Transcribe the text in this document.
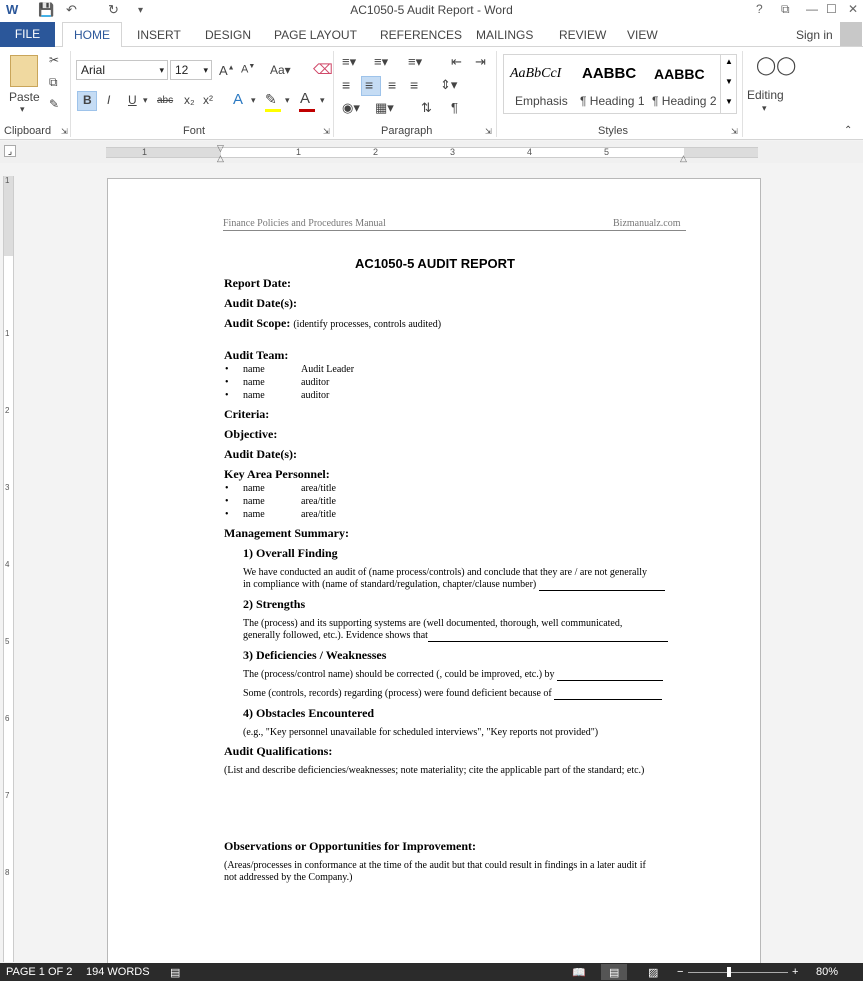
W 💾 ↶ ↻ ▾	AC1050-5 Audit Report - Word	? ⧉ — ☐ ✕
FILE	HOME	INSERT DESIGN PAGE LAYOUT REFERENCES MAILINGS REVIEW VIEW	Sign in
Paste
▾
✂
⧉
✎
Clipboard ⇲
Arial	▾ 12 ▾ A▲ A▼ Aa▾ ⌫
B I U ▾ abc x₂ x² A ▾ ✎ ▾ A ▾
Font	⇲
≡▾ ≡▾ ≡▾ ⇤ ⇥
≡ ≡ ≡ ≡ ⇕▾
◉▾ ▦▾ ⇅ ¶
Paragraph	⇲
AaBbCcI
Emphasis
AABBC
¶ Heading 1
AABBC
¶ Heading 2
▲
▼
▼
Styles	⇲
◯◯
Editing
▾
⌃
⌟	1	1	2	3	4	5
▽
△	△
1
1
2
3
4
5
6
7
8
Finance Policies and Procedures Manual	Bizmanualz.com
AC1050-5 AUDIT REPORT
Report Date:
Audit Date(s):
Audit Scope: (identify processes, controls audited)
Audit Team:
• name	Audit Leader
• name	auditor
• name	auditor
Criteria:
Objective:
Audit Date(s):
Key Area Personnel:
• name	area/title
• name	area/title
• name	area/title
Management Summary:
1) Overall Finding
We have conducted an audit of (name process/controls) and conclude that they are / are not generally
in compliance with (name of standard/regulation, chapter/clause number)
2) Strengths
The (process) and its supporting systems are (well documented, thorough, well communicated,
generally followed, etc.). Evidence shows that
3) Deficiencies / Weaknesses
The (process/control name) should be corrected (, could be improved, etc.) by
Some (controls, records) regarding (process) were found deficient because of
4) Obstacles Encountered
(e.g., "Key personnel unavailable for scheduled interviews", "Key reports not provided")
Audit Qualifications:
(List and describe deficiencies/weaknesses; note materiality; cite the applicable part of the standard; etc.)
Observations or Opportunities for Improvement:
(Areas/processes in conformance at the time of the audit but that could result in findings in a later audit if
not addressed by the Company.)
PAGE 1 OF 2 194 WORDS ▤	📖 ▤	▨ −	+ 80%
